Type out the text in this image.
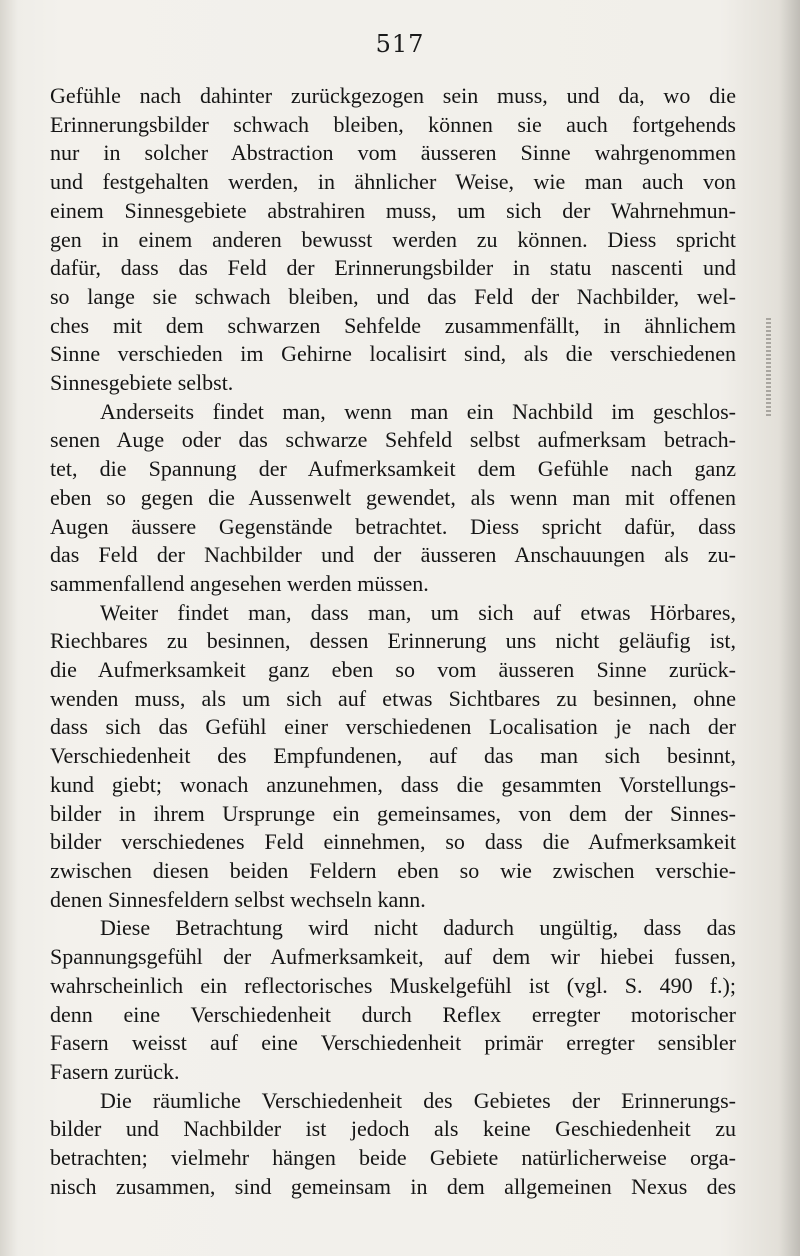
517
Gefühle nach dahinter zurückgezogen sein muss, und da, wo die
Erinnerungsbilder schwach bleiben, können sie auch fortgehends
nur in solcher Abstraction vom äusseren Sinne wahrgenommen
und festgehalten werden, in ähnlicher Weise, wie man auch von
einem Sinnesgebiete abstrahiren muss, um sich der Wahrnehmun-
gen in einem anderen bewusst werden zu können. Diess spricht
dafür, dass das Feld der Erinnerungsbilder in statu nascenti und
so lange sie schwach bleiben, und das Feld der Nachbilder, wel-
ches mit dem schwarzen Sehfelde zusammenfällt, in ähnlichem
Sinne verschieden im Gehirne localisirt sind, als die verschiedenen
Sinnesgebiete selbst.
Anderseits findet man, wenn man ein Nachbild im geschlos-
senen Auge oder das schwarze Sehfeld selbst aufmerksam betrach-
tet, die Spannung der Aufmerksamkeit dem Gefühle nach ganz
eben so gegen die Aussenwelt gewendet, als wenn man mit offenen
Augen äussere Gegenstände betrachtet. Diess spricht dafür, dass
das Feld der Nachbilder und der äusseren Anschauungen als zu-
sammenfallend angesehen werden müssen.
Weiter findet man, dass man, um sich auf etwas Hörbares,
Riechbares zu besinnen, dessen Erinnerung uns nicht geläufig ist,
die Aufmerksamkeit ganz eben so vom äusseren Sinne zurück-
wenden muss, als um sich auf etwas Sichtbares zu besinnen, ohne
dass sich das Gefühl einer verschiedenen Localisation je nach der
Verschiedenheit des Empfundenen, auf das man sich besinnt,
kund giebt; wonach anzunehmen, dass die gesammten Vorstellungs-
bilder in ihrem Ursprunge ein gemeinsames, von dem der Sinnes-
bilder verschiedenes Feld einnehmen, so dass die Aufmerksamkeit
zwischen diesen beiden Feldern eben so wie zwischen verschie-
denen Sinnesfeldern selbst wechseln kann.
Diese Betrachtung wird nicht dadurch ungültig, dass das
Spannungsgefühl der Aufmerksamkeit, auf dem wir hiebei fussen,
wahrscheinlich ein reflectorisches Muskelgefühl ist (vgl. S. 490 f.);
denn eine Verschiedenheit durch Reflex erregter motorischer
Fasern weisst auf eine Verschiedenheit primär erregter sensibler
Fasern zurück.
Die räumliche Verschiedenheit des Gebietes der Erinnerungs-
bilder und Nachbilder ist jedoch als keine Geschiedenheit zu
betrachten; vielmehr hängen beide Gebiete natürlicherweise orga-
nisch zusammen, sind gemeinsam in dem allgemeinen Nexus des
